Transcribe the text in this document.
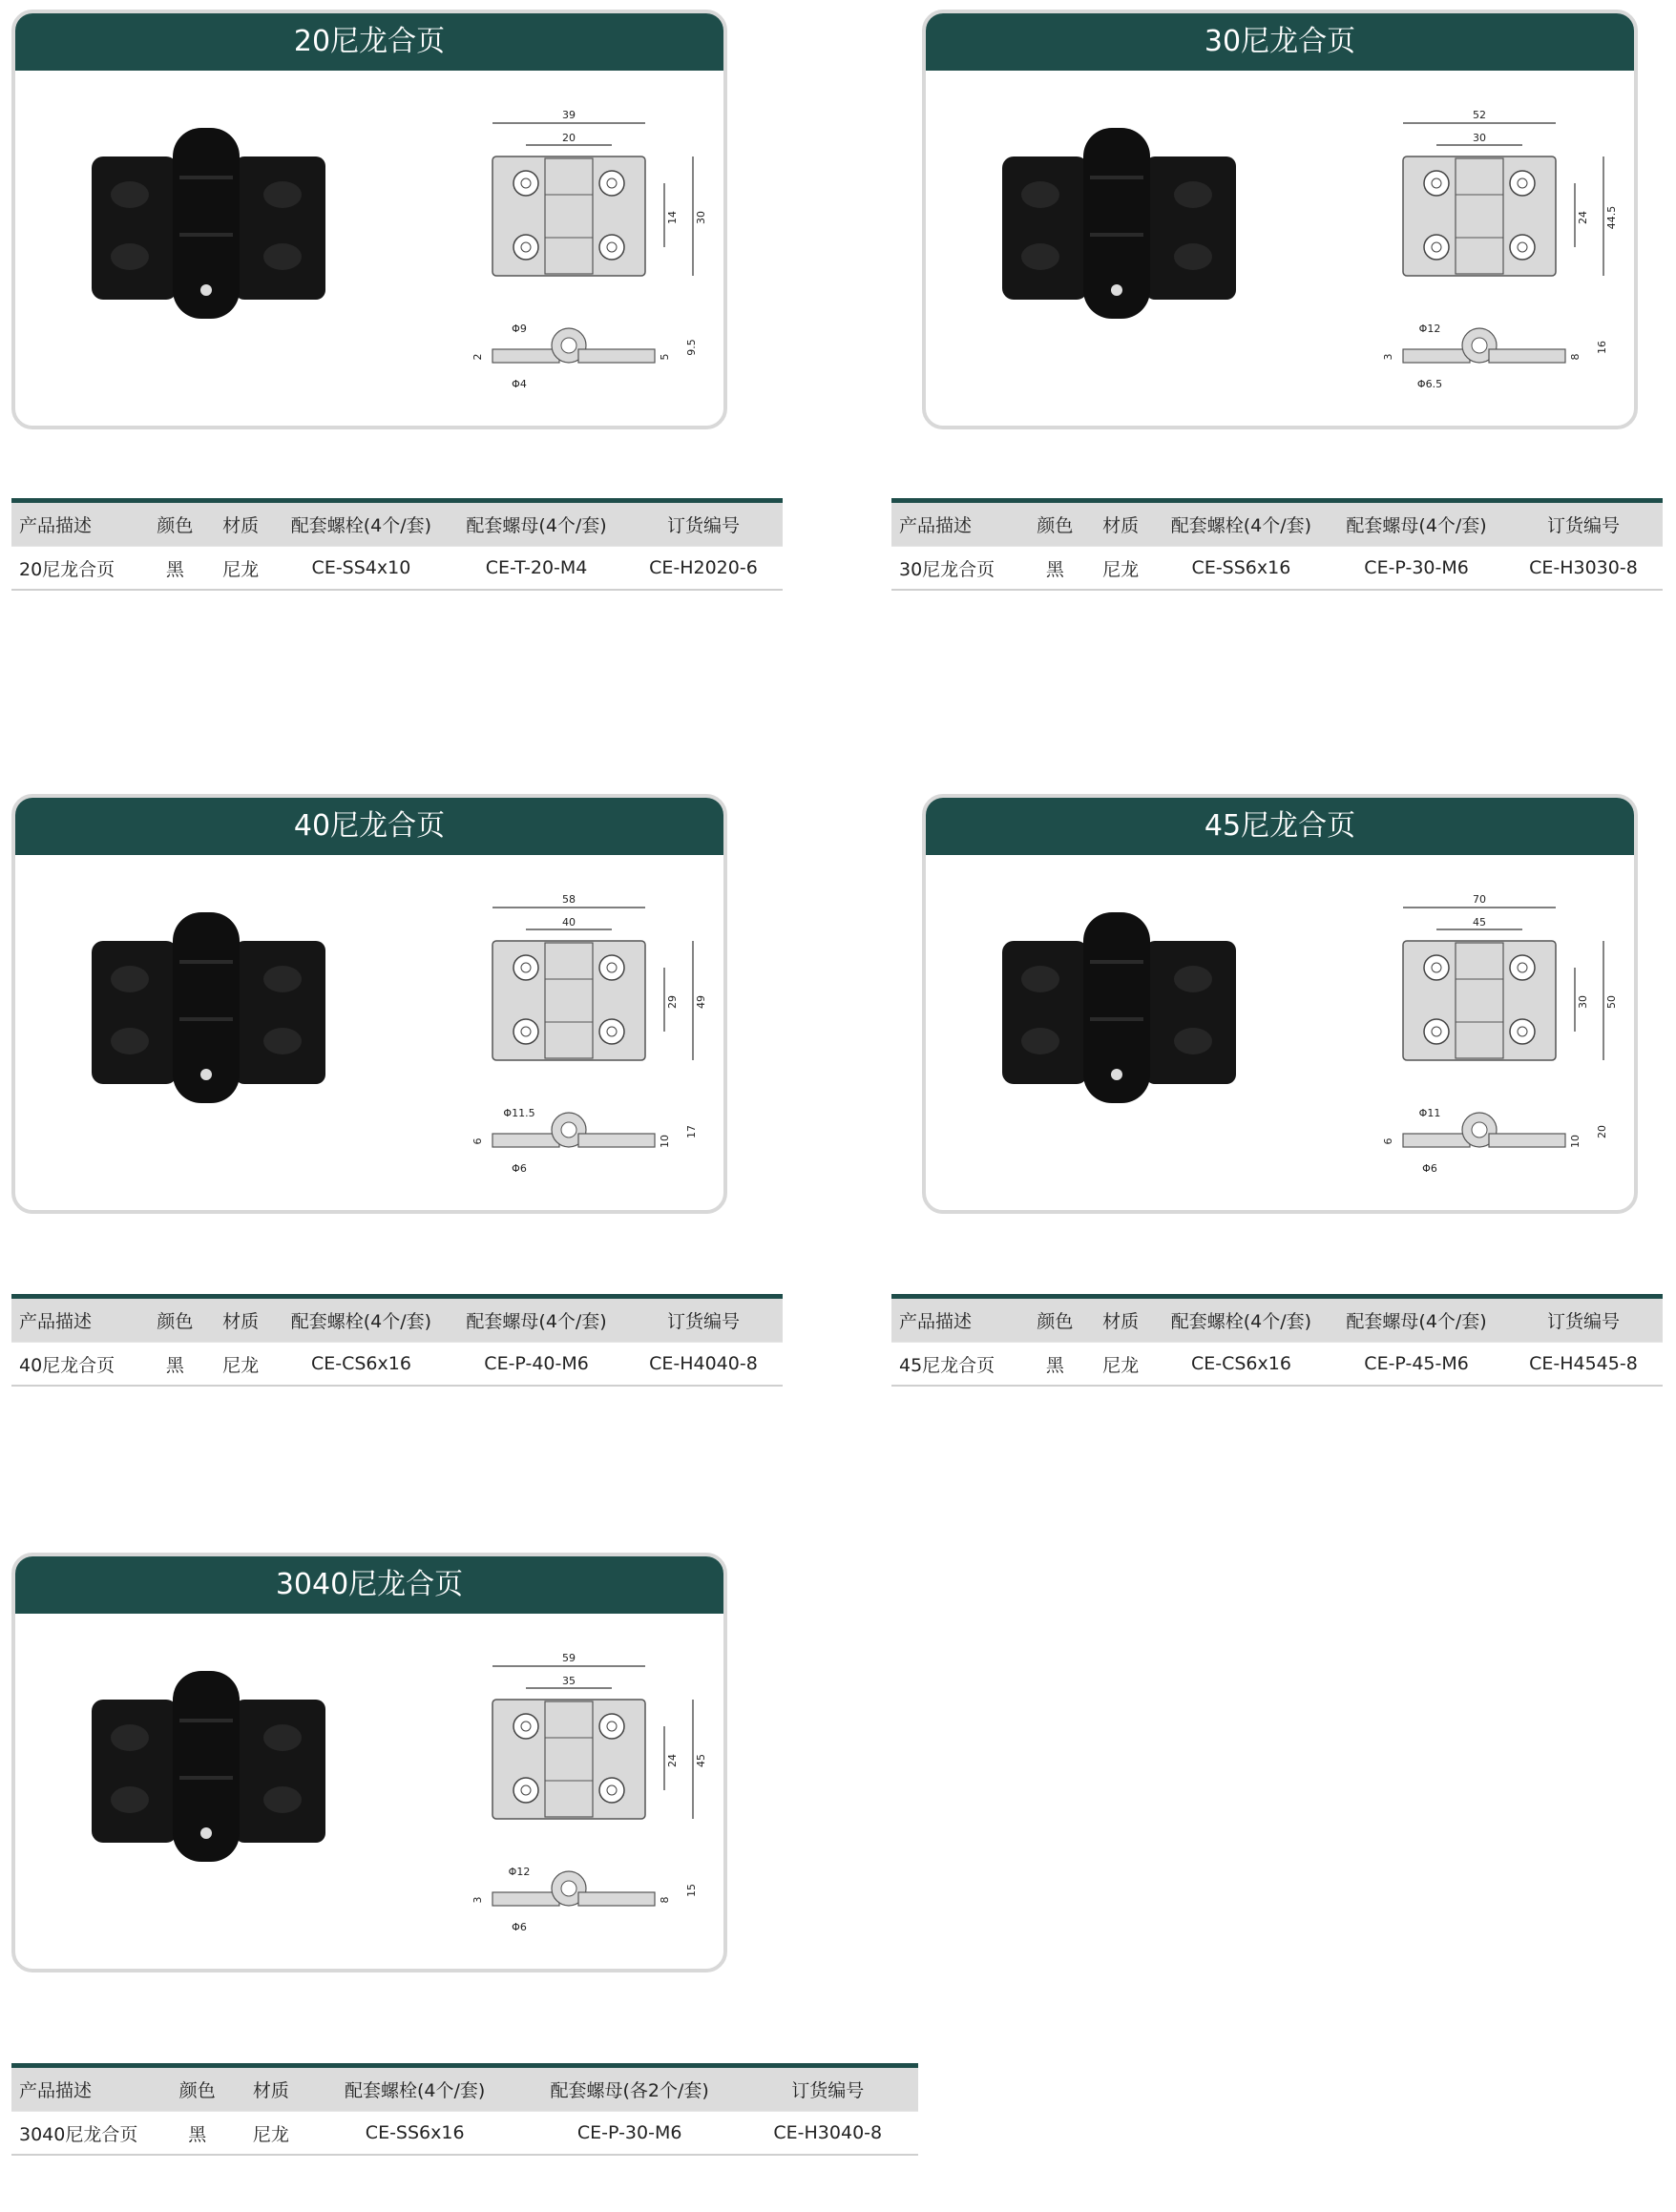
20尼龙合页
39
20
14 30
Φ9
Φ4
2	5
9.5
产品描述	颜色	材质	配套螺栓(4个/套)	配套螺母(4个/套)	订货编号
20尼龙合页	黑	尼龙	CE-SS4x10	CE-T-20-M4	CE-H2020-6
30尼龙合页
52
30
24 44.5
Φ12
Φ6.5
3	8
16
产品描述	颜色	材质	配套螺栓(4个/套)	配套螺母(4个/套)	订货编号
30尼龙合页	黑	尼龙	CE-SS6x16	CE-P-30-M6	CE-H3030-8
40尼龙合页
58
40
29 49
Φ11.5
Φ6
6	10
17
产品描述	颜色	材质	配套螺栓(4个/套)	配套螺母(4个/套)	订货编号
40尼龙合页	黑	尼龙	CE-CS6x16	CE-P-40-M6	CE-H4040-8
45尼龙合页
70
45
30 50
Φ11
Φ6
6	10
20
产品描述	颜色	材质	配套螺栓(4个/套)	配套螺母(4个/套)	订货编号
45尼龙合页	黑	尼龙	CE-CS6x16	CE-P-45-M6	CE-H4545-8
3040尼龙合页
59
35
24 45
Φ12
Φ6
3	8
15
产品描述	颜色	材质	配套螺栓(4个/套)	配套螺母(各2个/套)	订货编号
3040尼龙合页	黑	尼龙	CE-SS6x16	CE-P-30-M6	CE-H3040-8
